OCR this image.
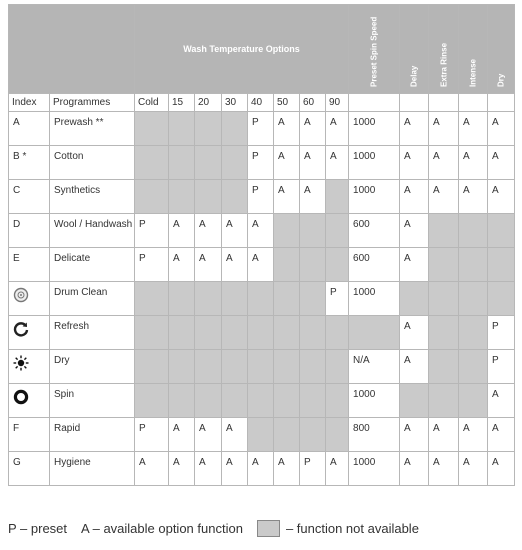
		Wash Temperature Options								Preset Spin Speed	Delay	Extra Rinse	Intense	Dry

Index	Programmes	Cold	15	20	30	40	50	60	90					
A	Prewash **					P	A	A	A	1000	A	A	A	A
B *	Cotton					P	A	A	A	1000	A	A	A	A
C	Synthetics					P	A	A		1000	A	A	A	A
D	Wool / Handwash	P	A	A	A	A				600	A			
E	Delicate	P	A	A	A	A				600	A			
	Drum Clean								P	1000				
	Refresh										A			P
	Dry									N/A	A			P
	Spin									1000				A
F	Rapid	P	A	A	A					800	A	A	A	A
G	Hygiene	A	A	A	A	A	A	P	A	1000	A	A	A	A
P – preset A – available option function	– function not available
